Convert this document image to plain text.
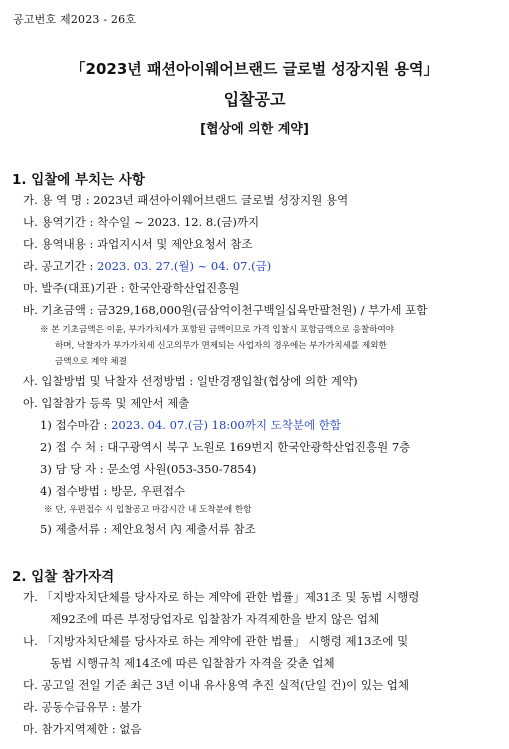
공고번호 제2023 - 26호
「2023년 패션아이웨어브랜드 글로벌 성장지원 용역」
입찰공고
[협상에 의한 계약]
1. 입찰에 부치는 사항
가. 용 역 명 : 2023년 패션아이웨어브랜드 글로벌 성장지원 용역
나. 용역기간 : 착수일 ~ 2023. 12. 8.(금)까지
다. 용역내용 : 과업지시서 및 제안요청서 참조
라. 공고기간 : 2023. 03. 27.(월) ~ 04. 07.(금)
마. 발주(대표)기관 : 한국안광학산업진흥원
바. 기초금액 : 금329,168,000원(금삼억이천구백일십육만팔천원) / 부가세 포함
※ 본 기초금액은 이윤, 부가가치세가 포함된 금액이므로 가격 입찰시 포함금액으로 응찰하여야
하며, 낙찰자가 부가가치세 신고의무가 면제되는 사업자의 경우에는 부가가치세를 제외한
금액으로 계약 체결
사. 입찰방법 및 낙찰자 선정방법 : 일반경쟁입찰(협상에 의한 계약)
아. 입찰참가 등록 및 제안서 제출
1) 접수마감 : 2023. 04. 07.(금) 18:00까지 도착분에 한함
2) 접 수 처 : 대구광역시 북구 노원로 169번지 한국안광학산업진흥원 7층
3) 담 당 자 : 문소영 사원(053-350-7854)
4) 접수방법 : 방문, 우편접수
※ 단, 우편접수 시 입찰공고 마감시간 내 도착분에 한함
5) 제출서류 : 제안요청서 內 제출서류 참조
2. 입찰 참가자격
가. 「지방자치단체를 당사자로 하는 계약에 관한 법률」제31조 및 동법 시행령
제92조에 따른 부정당업자로 입찰참가 자격제한을 받지 않은 업체
나. 「지방자치단체를 당사자로 하는 계약에 관한 법률」 시행령 제13조에 및
동법 시행규칙 제14조에 따른 입찰참가 자격을 갖춘 업체
다. 공고일 전일 기준 최근 3년 이내 유사용역 추진 실적(단일 건)이 있는 업체
라. 공동수급유무 : 불가
마. 참가지역제한 : 없음
